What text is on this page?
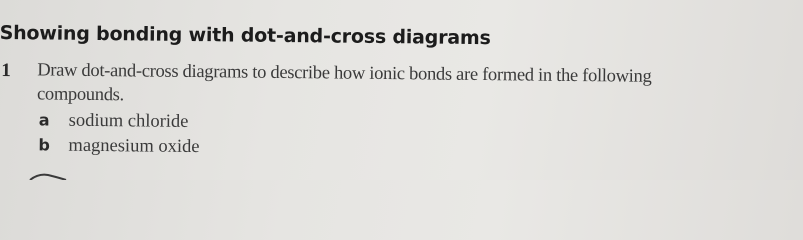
Showing bonding with dot-and-cross diagrams
1 Draw dot-and-cross diagrams to describe how ionic bonds are formed in the following
compounds.
a sodium chloride
b magnesium oxide
